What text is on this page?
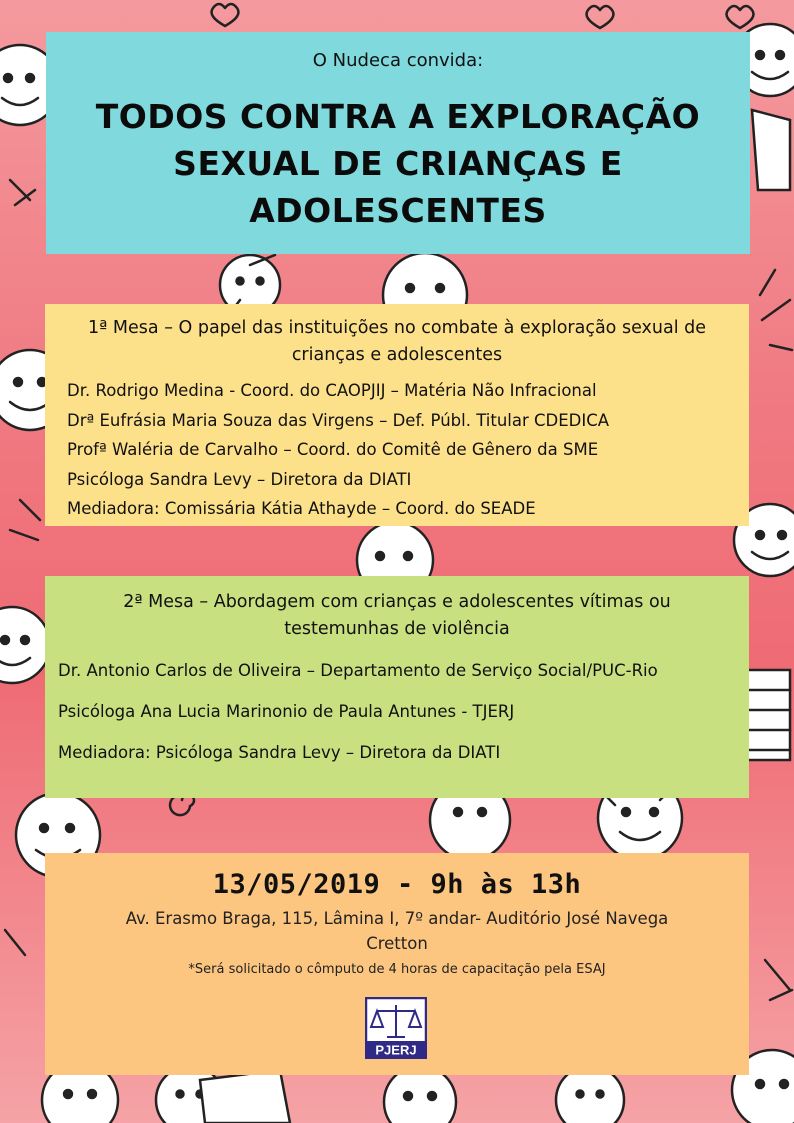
O Nudeca convida:
TODOS CONTRA A EXPLORAÇÃO SEXUAL DE CRIANÇAS E ADOLESCENTES
1ª Mesa – O papel das instituições no combate à exploração sexual de crianças e adolescentes
Dr. Rodrigo Medina - Coord. do CAOPJIJ – Matéria Não Infracional
Drª Eufrásia Maria Souza das Virgens – Def. Públ. Titular CDEDICA
Profª Waléria de Carvalho – Coord. do Comitê de Gênero da SME
Psicóloga Sandra Levy – Diretora da DIATI
Mediadora: Comissária Kátia Athayde – Coord. do SEADE
2ª Mesa – Abordagem com crianças e adolescentes vítimas ou testemunhas de violência
Dr. Antonio Carlos de Oliveira – Departamento de Serviço Social/PUC-Rio
Psicóloga Ana Lucia Marinonio de Paula Antunes - TJERJ
Mediadora: Psicóloga Sandra Levy – Diretora da DIATI
13/05/2019 - 9h às 13h
Av. Erasmo Braga, 115, Lâmina I, 7º andar- Auditório José Navega Cretton
*Será solicitado o cômputo de 4 horas de capacitação pela ESAJ
PJERJ
